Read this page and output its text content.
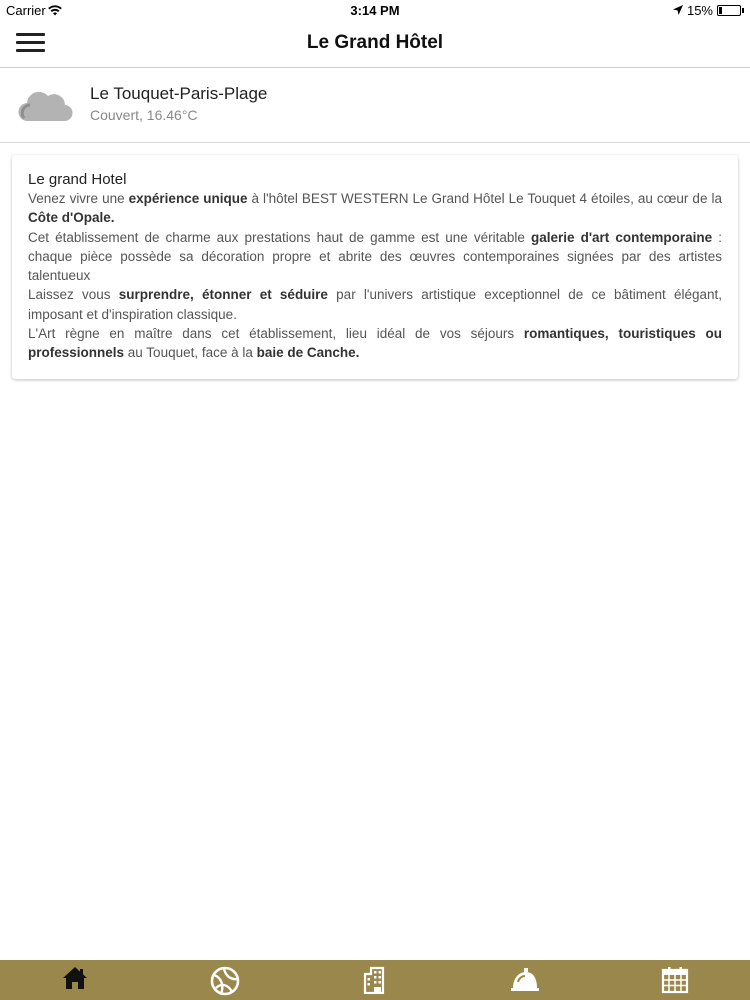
Carrier	3:14 PM	15%
Le Grand Hôtel
Le Touquet-Paris-Plage
Couvert, 16.46°C
Le grand Hotel

Venez vivre une expérience unique à l'hôtel BEST WESTERN Le Grand Hôtel Le Touquet 4 étoiles, au cœur de la Côte d'Opale.

Cet établissement de charme aux prestations haut de gamme est une véritable galerie d'art contemporaine : chaque pièce possède sa décoration propre et abrite des œuvres contemporaines signées par des artistes talentueux

Laissez vous surprendre, étonner et séduire par l'univers artistique exceptionnel de ce bâtiment élégant, imposant et d'inspiration classique.

L'Art règne en maître dans cet établissement, lieu idéal de vos séjours romantiques, touristiques ou professionnels au Touquet, face à la baie de Canche.
